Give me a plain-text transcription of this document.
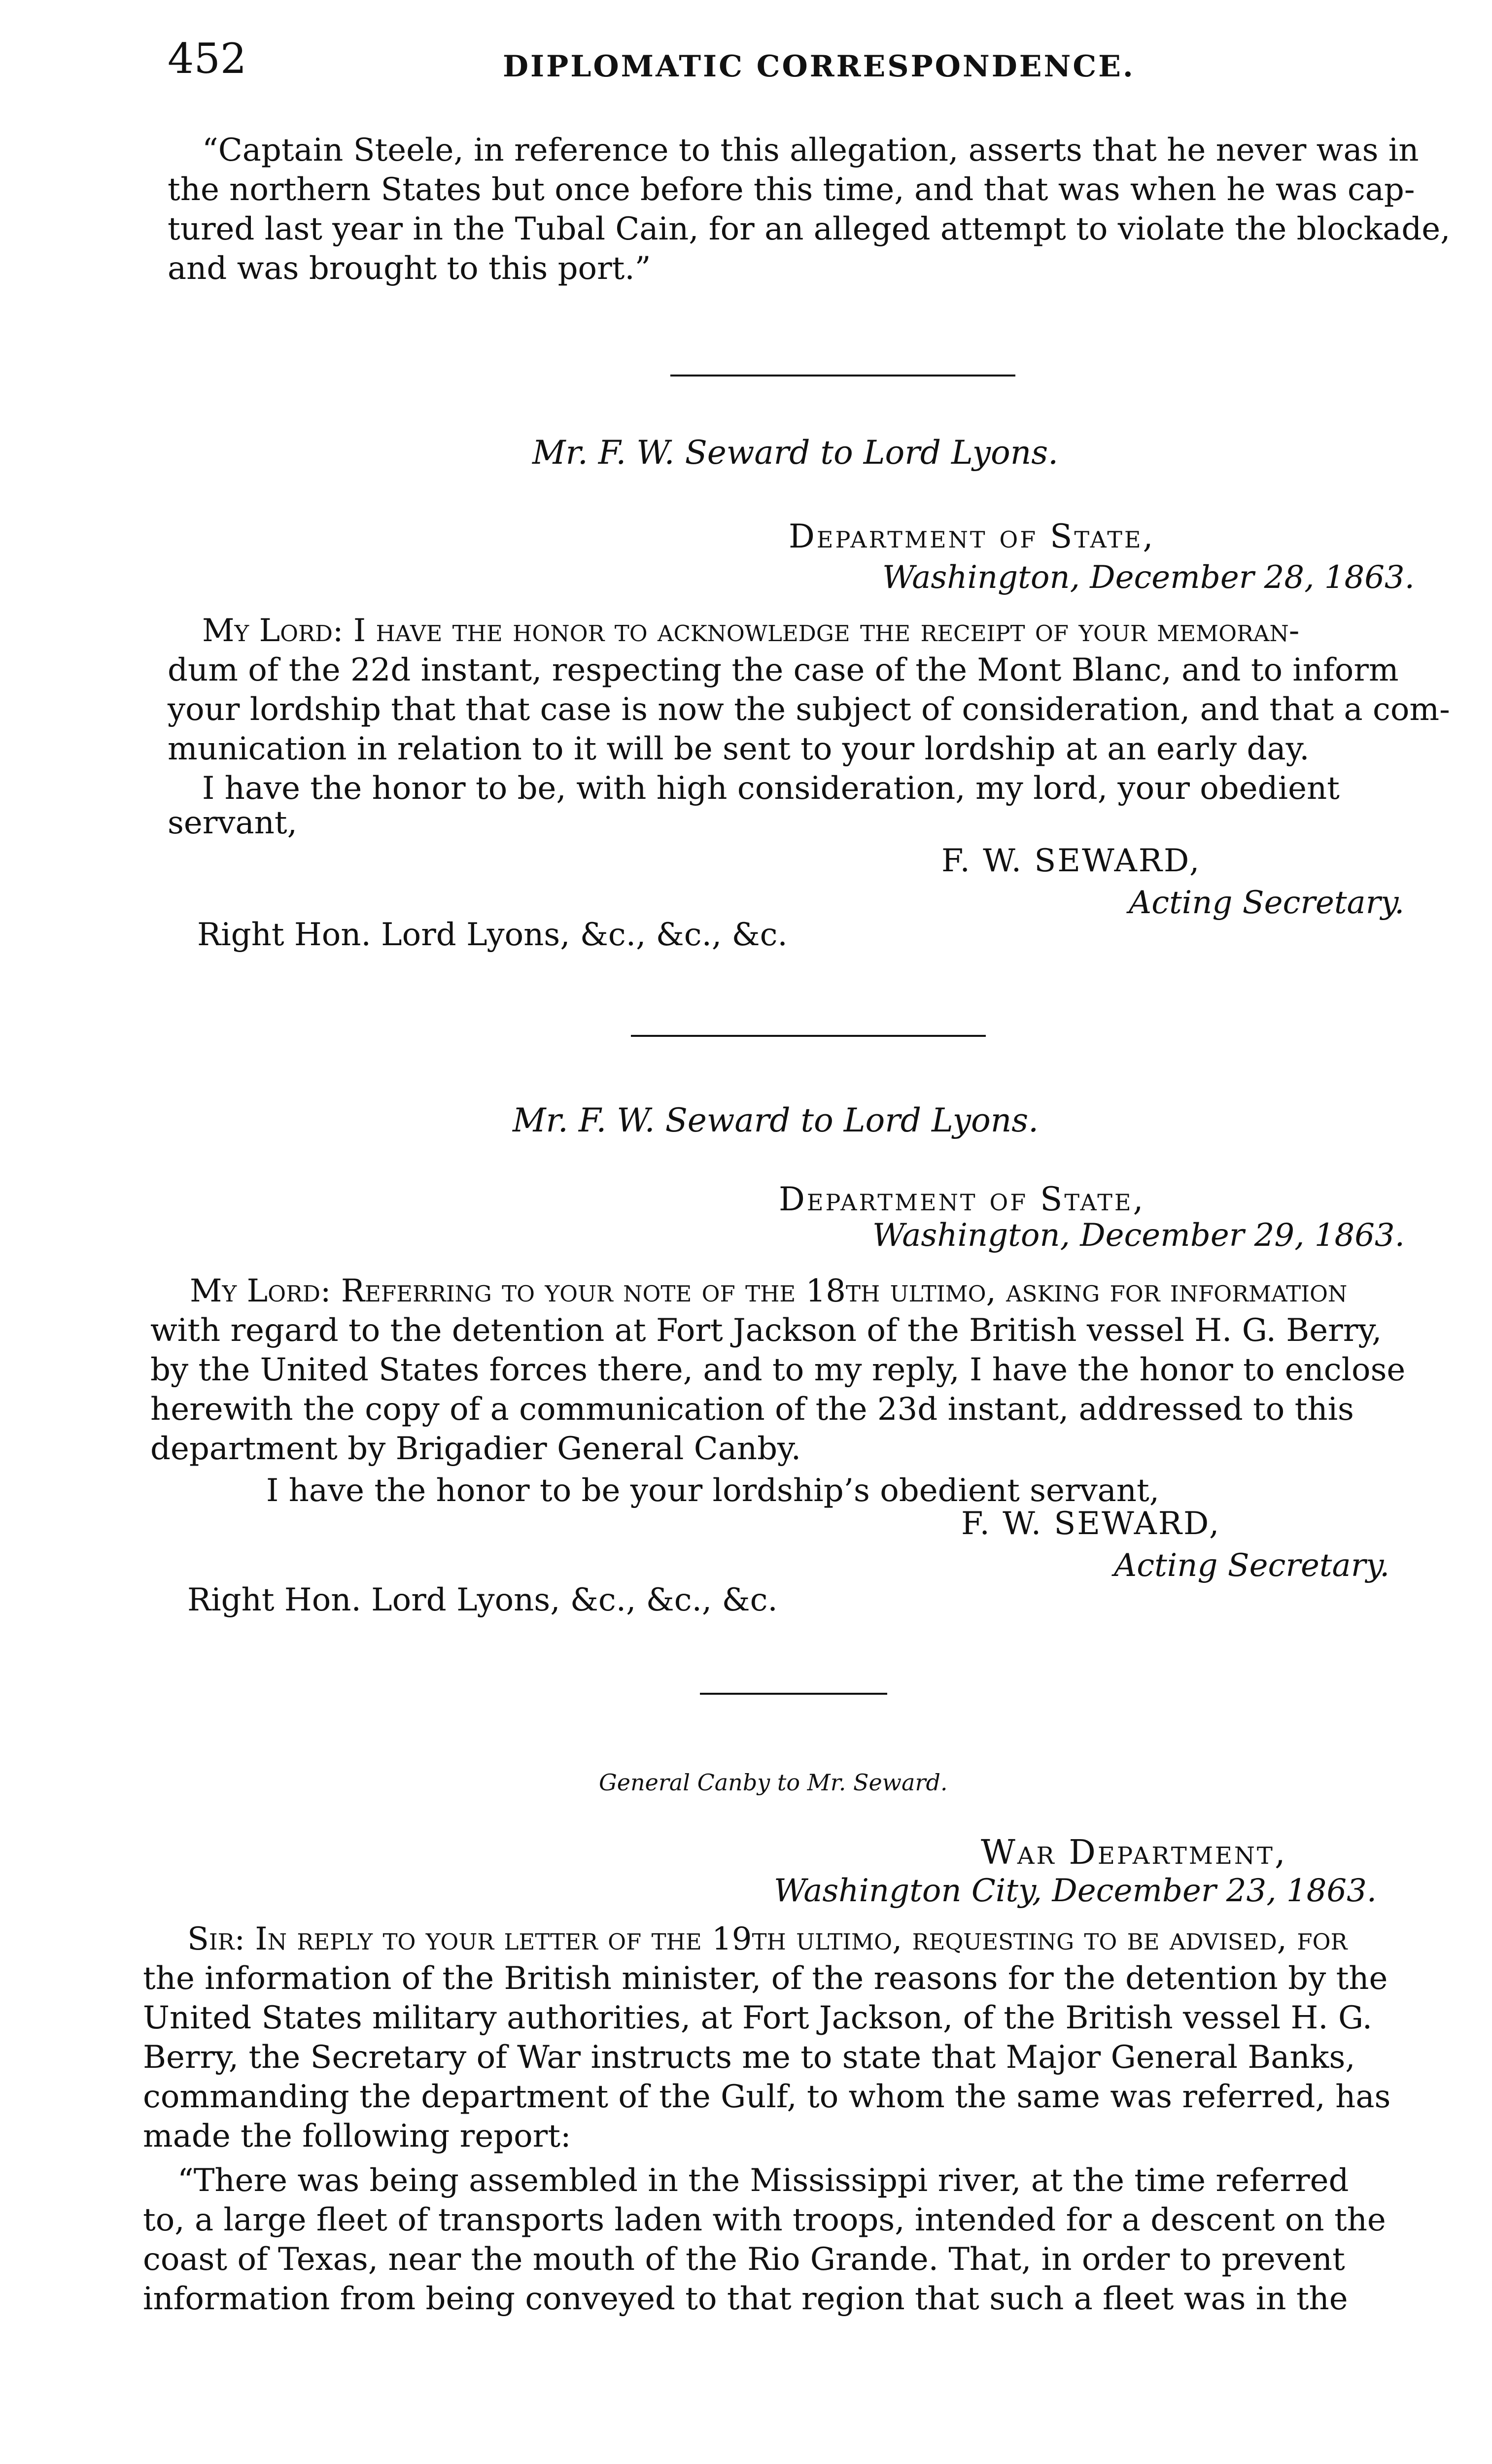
452	DIPLOMATIC CORRESPONDENCE.
“Captain Steele, in reference to this allegation, asserts that he never was in
the northern States but once before this time, and that was when he was cap-
tured last year in the Tubal Cain, for an alleged attempt to violate the blockade,
and was brought to this port.”
Mr. F. W. Seward to Lord Lyons.
Department of State,
Washington, December 28, 1863.
My Lord: I have the honor to acknowledge the receipt of your memoran-
dum of the 22d instant, respecting the case of the Mont Blanc, and to inform
your lordship that that case is now the subject of consideration, and that a com-
munication in relation to it will be sent to your lordship at an early day.
I have the honor to be, with high consideration, my lord, your obedient
servant,
F. W. SEWARD,
Acting Secretary.
Right Hon. Lord Lyons, &c., &c., &c.
Mr. F. W. Seward to Lord Lyons.
Department of State,
Washington, December 29, 1863.
My Lord: Referring to your note of the 18th ultimo, asking for information
with regard to the detention at Fort Jackson of the British vessel H. G. Berry,
by the United States forces there, and to my reply, I have the honor to enclose
herewith the copy of a communication of the 23d instant, addressed to this
department by Brigadier General Canby.
I have the honor to be your lordship’s obedient servant,
F. W. SEWARD,
Acting Secretary.
Right Hon. Lord Lyons, &c., &c., &c.
General Canby to Mr. Seward.
War Department,
Washington City, December 23, 1863.
Sir: In reply to your letter of the 19th ultimo, requesting to be advised, for
the information of the British minister, of the reasons for the detention by the
United States military authorities, at Fort Jackson, of the British vessel H. G.
Berry, the Secretary of War instructs me to state that Major General Banks,
commanding the department of the Gulf, to whom the same was referred, has
made the following report:
“There was being assembled in the Mississippi river, at the time referred
to, a large fleet of transports laden with troops, intended for a descent on the
coast of Texas, near the mouth of the Rio Grande. That, in order to prevent
information from being conveyed to that region that such a fleet was in the
